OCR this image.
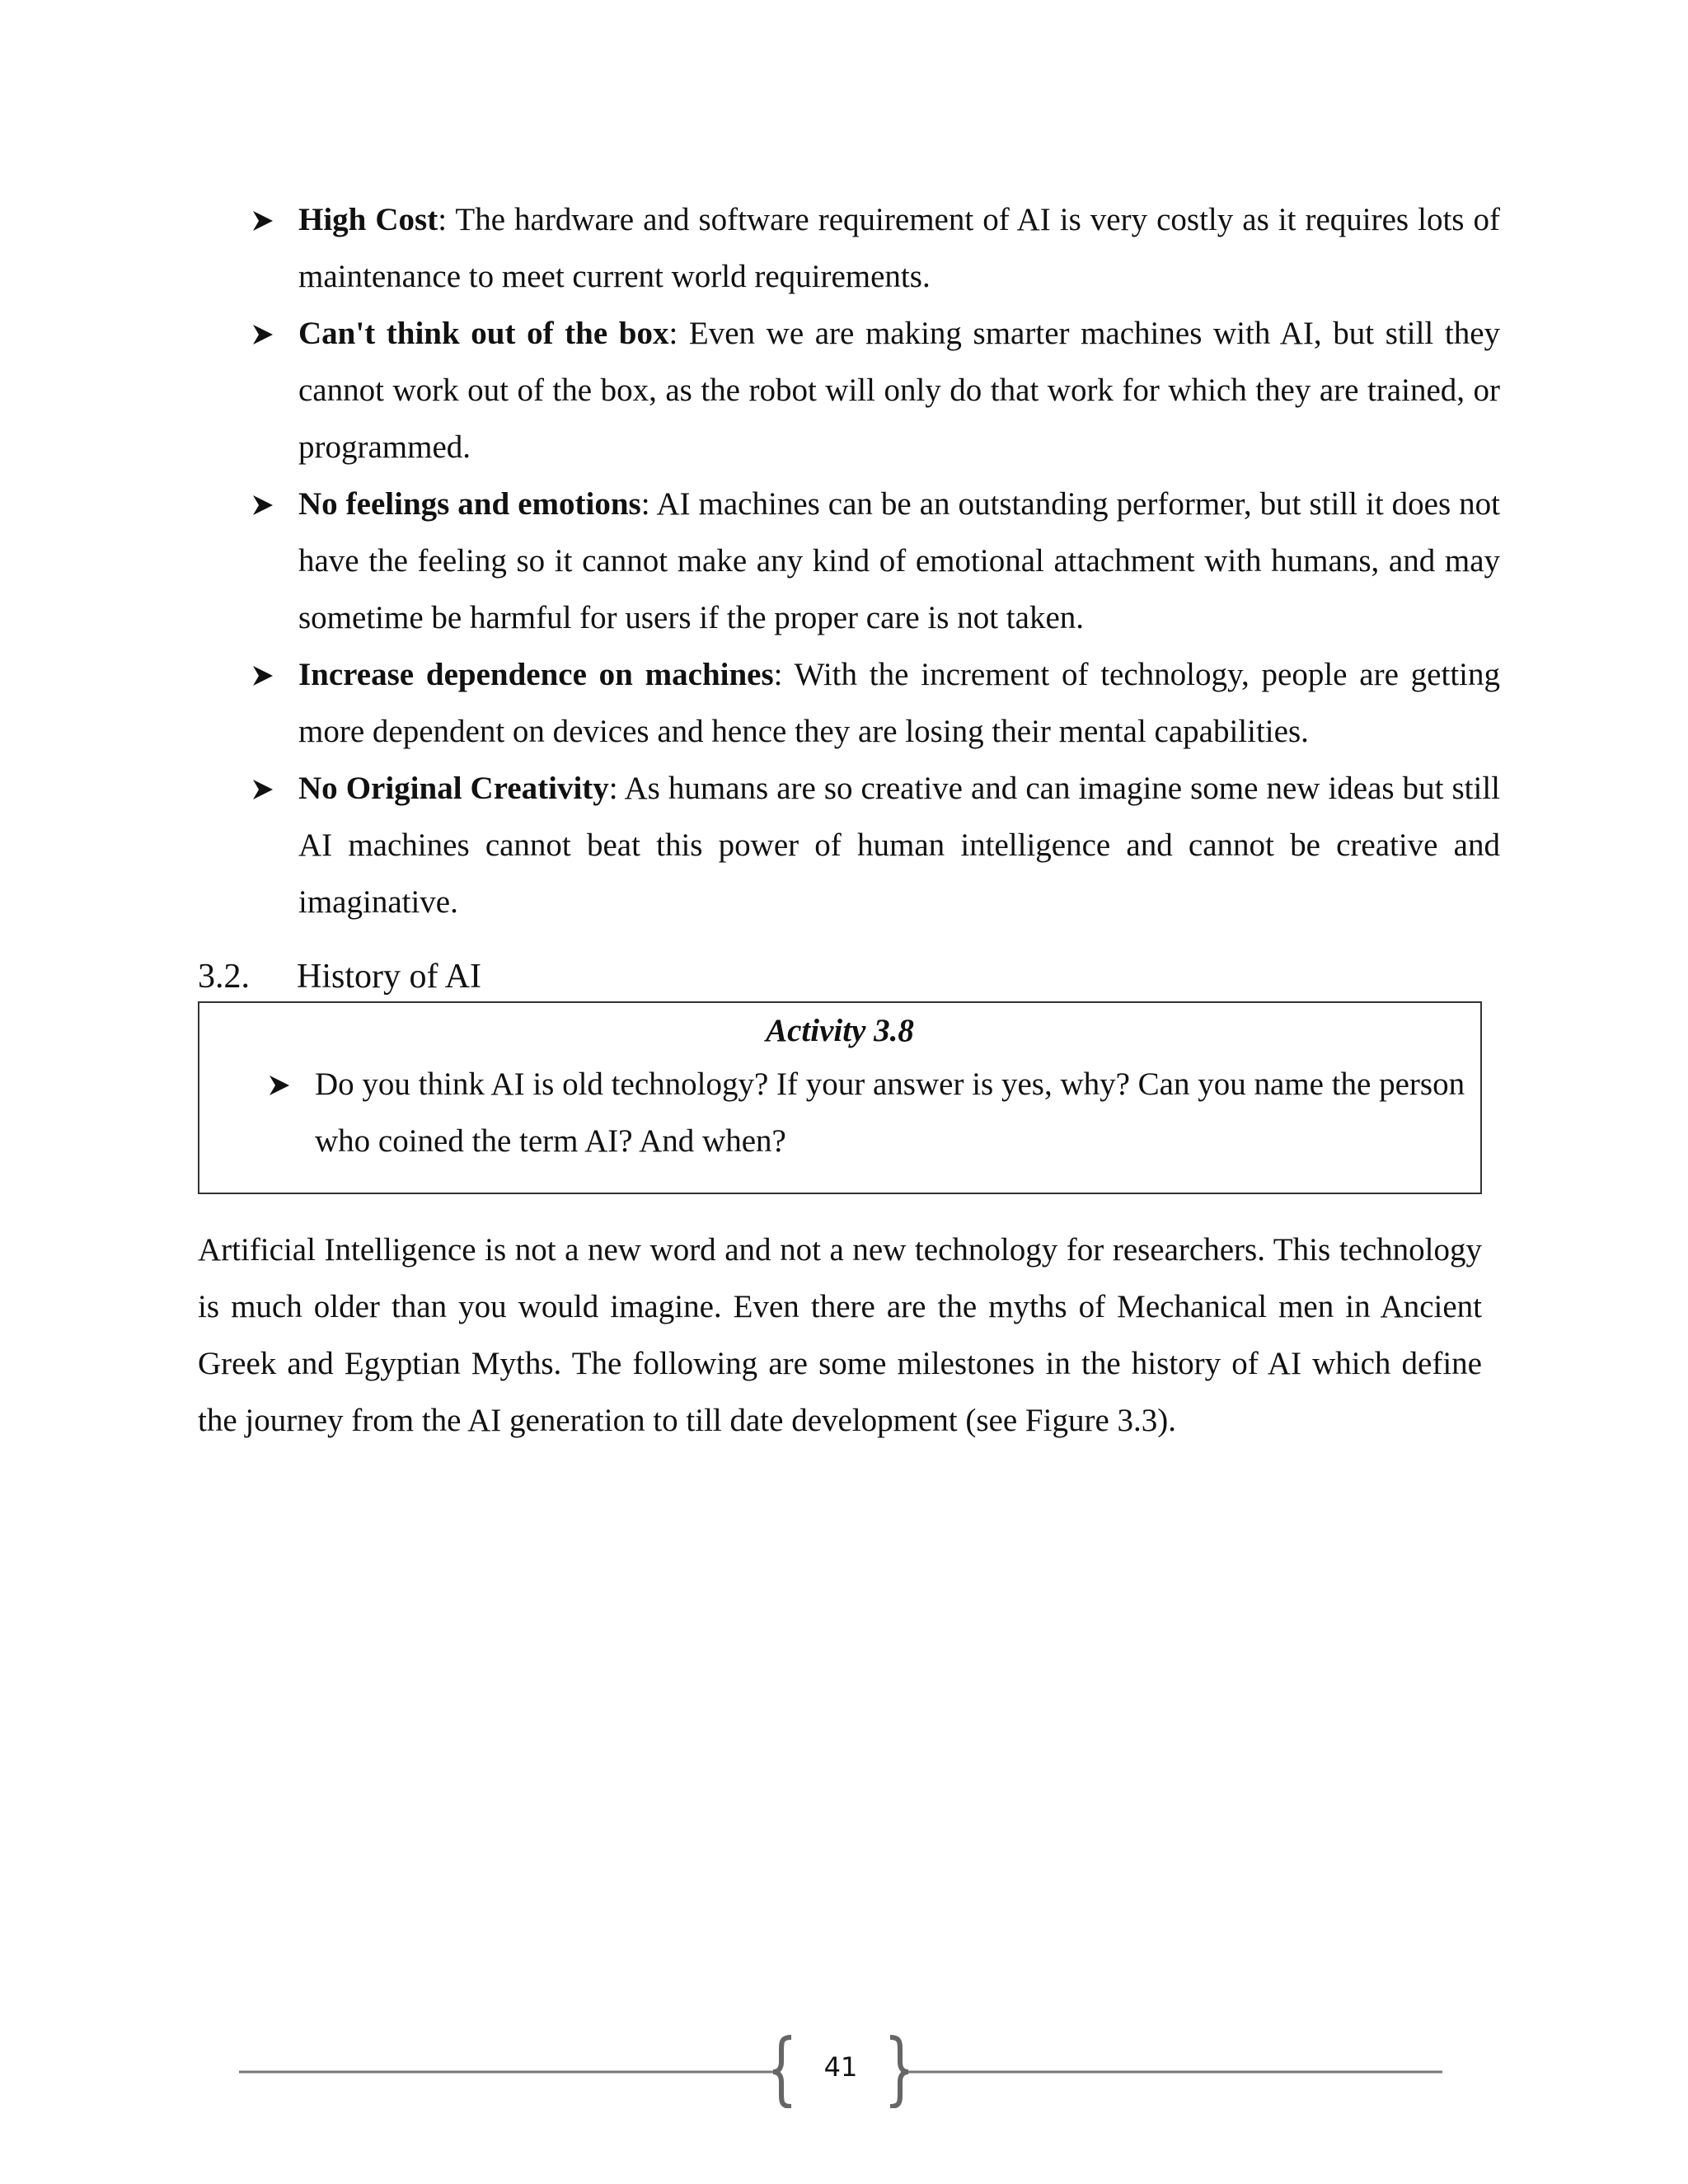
High Cost: The hardware and software requirement of AI is very costly as it requires lots of maintenance to meet current world requirements.
Can't think out of the box: Even we are making smarter machines with AI, but still they cannot work out of the box, as the robot will only do that work for which they are trained, or programmed.
No feelings and emotions: AI machines can be an outstanding performer, but still it does not have the feeling so it cannot make any kind of emotional attachment with humans, and may sometime be harmful for users if the proper care is not taken.
Increase dependence on machines: With the increment of technology, people are getting more dependent on devices and hence they are losing their mental capabilities.
No Original Creativity: As humans are so creative and can imagine some new ideas but still AI machines cannot beat this power of human intelligence and cannot be creative and imaginative.
3.2. History of AI
Activity 3.8
Do you think AI is old technology? If your answer is yes, why? Can you name the person who coined the term AI? And when?

Artificial Intelligence is not a new word and not a new technology for researchers. This technology is much older than you would imagine. Even there are the myths of Mechanical men in Ancient Greek and Egyptian Myths. The following are some milestones in the history of AI which define the journey from the AI generation to till date development (see Figure 3.3).

41
